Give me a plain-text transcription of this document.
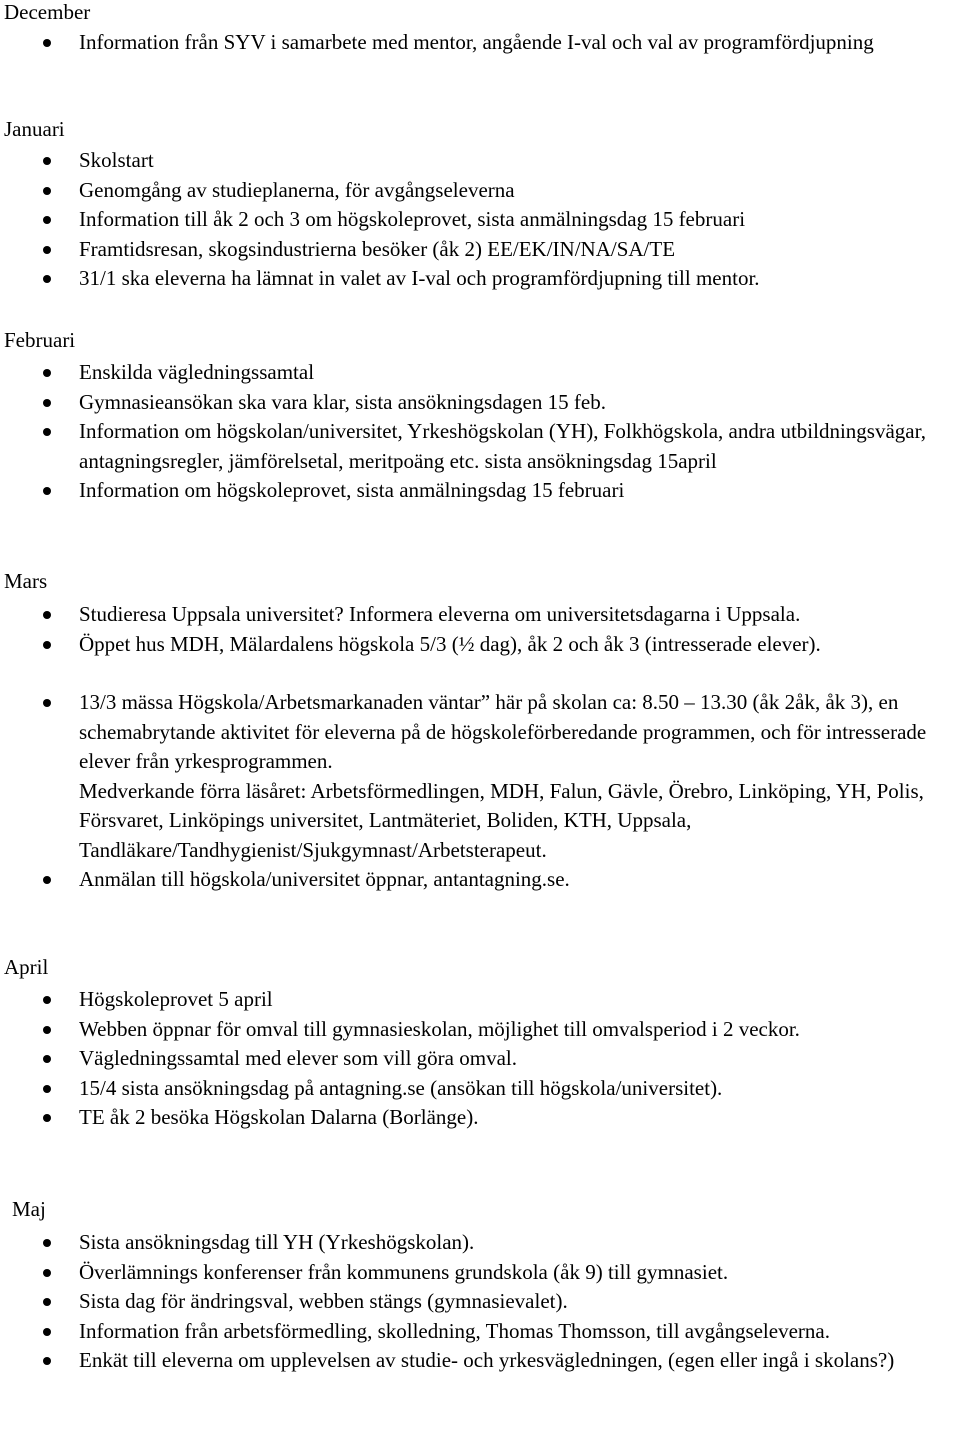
December
Information från SYV i samarbete med mentor, angående I-val och val av programfördjupning
Januari
Skolstart
Genomgång av studieplanerna, för avgångseleverna
Information till åk 2 och 3 om högskoleprovet, sista anmälningsdag 15 februari
Framtidsresan, skogsindustrierna besöker (åk 2) EE/EK/IN/NA/SA/TE
31/1 ska eleverna ha lämnat in valet av I-val och programfördjupning till mentor.
Februari
Enskilda vägledningssamtal
Gymnasieansökan ska vara klar, sista ansökningsdagen 15 feb.
Information om högskolan/universitet, Yrkeshögskolan (YH), Folkhögskola, andra utbildningsvägar, antagningsregler, jämförelsetal, meritpoäng etc. sista ansökningsdag 15april
Information om högskoleprovet, sista anmälningsdag 15 februari
Mars
Studieresa Uppsala universitet? Informera eleverna om universitetsdagarna i Uppsala.
Öppet hus MDH, Mälardalens högskola 5/3 (½ dag), åk 2 och åk 3 (intresserade elever).
13/3 mässa Högskola/Arbetsmarkanaden väntar” här på skolan ca: 8.50 – 13.30 (åk 2åk, åk 3), en schemabrytande aktivitet för eleverna på de högskoleförberedande programmen, och för intresserade elever från yrkesprogrammen.
Medverkande förra läsåret: Arbetsförmedlingen, MDH, Falun, Gävle, Örebro, Linköping, YH, Polis, Försvaret, Linköpings universitet, Lantmäteriet, Boliden, KTH, Uppsala, Tandläkare/Tandhygienist/Sjukgymnast/Arbetsterapeut.
Anmälan till högskola/universitet öppnar, antantagning.se.
April
Högskoleprovet 5 april
Webben öppnar för omval till gymnasieskolan, möjlighet till omvalsperiod i 2 veckor.
Vägledningssamtal med elever som vill göra omval.
15/4 sista ansökningsdag på antagning.se (ansökan till högskola/universitet).
TE åk 2 besöka Högskolan Dalarna (Borlänge).
Maj
Sista ansökningsdag till YH (Yrkeshögskolan).
Överlämnings konferenser från kommunens grundskola (åk 9) till gymnasiet.
Sista dag för ändringsval, webben stängs (gymnasievalet).
Information från arbetsförmedling, skolledning, Thomas Thomsson, till avgångseleverna.
Enkät till eleverna om upplevelsen av studie- och yrkesvägledningen, (egen eller ingå i skolans?)
